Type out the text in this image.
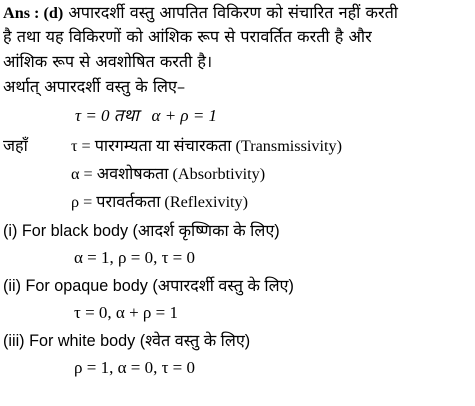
Ans : (d) अपारदर्शी वस्तु आपतित विकिरण को संचारित नहीं करती
है तथा यह विकिरणों को आंशिक रूप से परावर्तित करती है और
आंशिक रूप से अवशोषित करती है।
अर्थात् अपारदर्शी वस्तु के लिए–
τ = 0 तथा α + ρ = 1
जहाँ	τ = पारगम्यता या संचारकता (Transmissivity)
α = अवशोषकता (Absorbtivity)
ρ = परावर्तकता (Reflexivity)
(i) For black body (आदर्श कृष्णिका के लिए)
α = 1, ρ = 0, τ = 0
(ii) For opaque body (अपारदर्शी वस्तु के लिए)
τ = 0, α + ρ = 1
(iii) For white body (श्वेत वस्तु के लिए)
ρ = 1, α = 0, τ = 0
